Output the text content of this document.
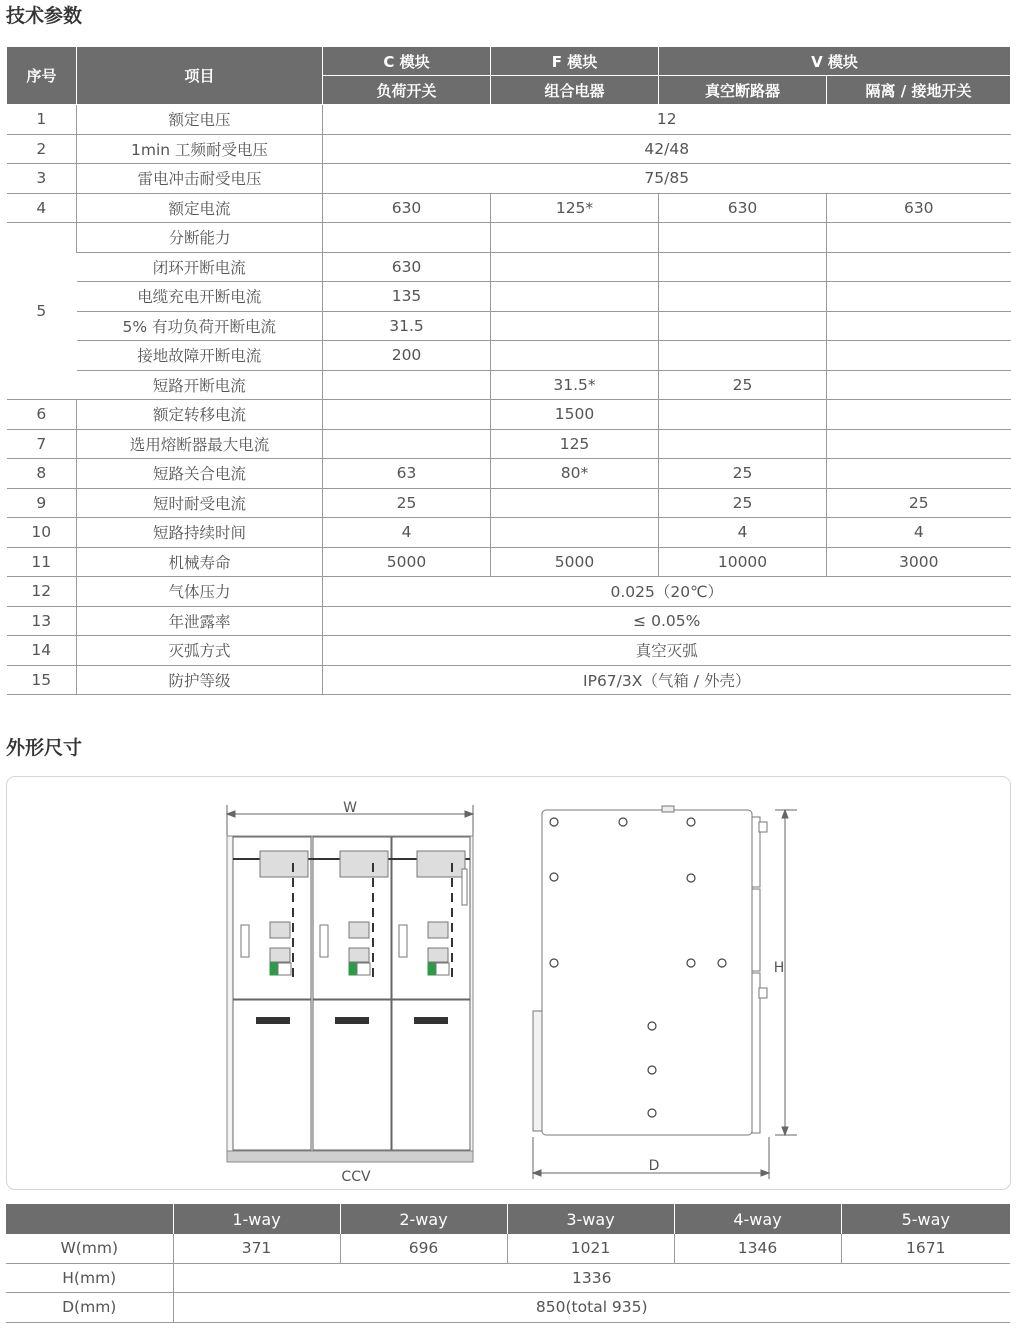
技术参数
序号	项目	C 模块	F 模块	V 模块	
		负荷开关	组合电器	真空断路器	隔离 / 接地开关
1	额定电压	12			
2	1min 工频耐受电压	42/48			
3	雷电冲击耐受电压	75/85			
4	额定电流	630	125*	630	630
5	分断能力				
	闭环开断电流	630			
	电缆充电开断电流	135			
	5% 有功负荷开断电流	31.5			
	接地故障开断电流	200			
	短路开断电流		31.5*	25	
6	额定转移电流		1500		
7	选用熔断器最大电流		125		
8	短路关合电流	63	80*	25	
9	短时耐受电流	25		25	25
10	短路持续时间	4		4	4
11	机械寿命	5000	5000	10000	3000
12	气体压力	0.025（20℃）			
13	年泄露率	≤ 0.05%			
14	灭弧方式	真空灭弧			
15	防护等级	IP67/3X（气箱 / 外壳）			
外形尺寸
W
CCV
H
D
	1-way	2-way	3-way	4-way	5-way
W(mm)	371	696	1021	1346	1671
H(mm)	1336				
D(mm)	850(total 935)				
